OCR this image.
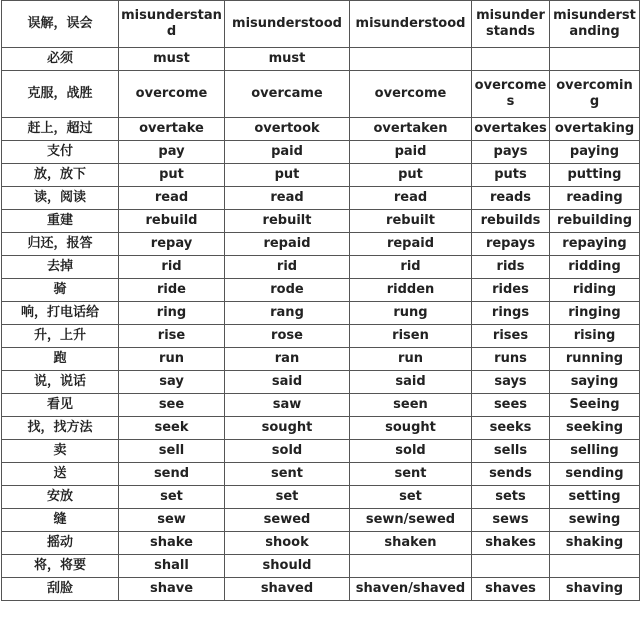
误解，误会	misunderstand	misunderstood	misunderstood	misunderstands	misunderstanding
必须	must	must			
克服，战胜	overcome	overcame	overcome	overcomes	overcoming
赶上，超过	overtake	overtook	overtaken	overtakes	overtaking
支付	pay	paid	paid	pays	paying
放，放下	put	put	put	puts	putting
读，阅读	read	read	read	reads	reading
重建	rebuild	rebuilt	rebuilt	rebuilds	rebuilding
归还，报答	repay	repaid	repaid	repays	repaying
去掉	rid	rid	rid	rids	ridding
骑	ride	rode	ridden	rides	riding
响，打电话给	ring	rang	rung	rings	ringing
升，上升	rise	rose	risen	rises	rising
跑	run	ran	run	runs	running
说，说话	say	said	said	says	saying
看见	see	saw	seen	sees	Seeing
找，找方法	seek	sought	sought	seeks	seeking
卖	sell	sold	sold	sells	selling
送	send	sent	sent	sends	sending
安放	set	set	set	sets	setting
缝	sew	sewed	sewn/sewed	sews	sewing
摇动	shake	shook	shaken	shakes	shaking
将，将要	shall	should			
刮脸	shave	shaved	shaven/shaved	shaves	shaving
